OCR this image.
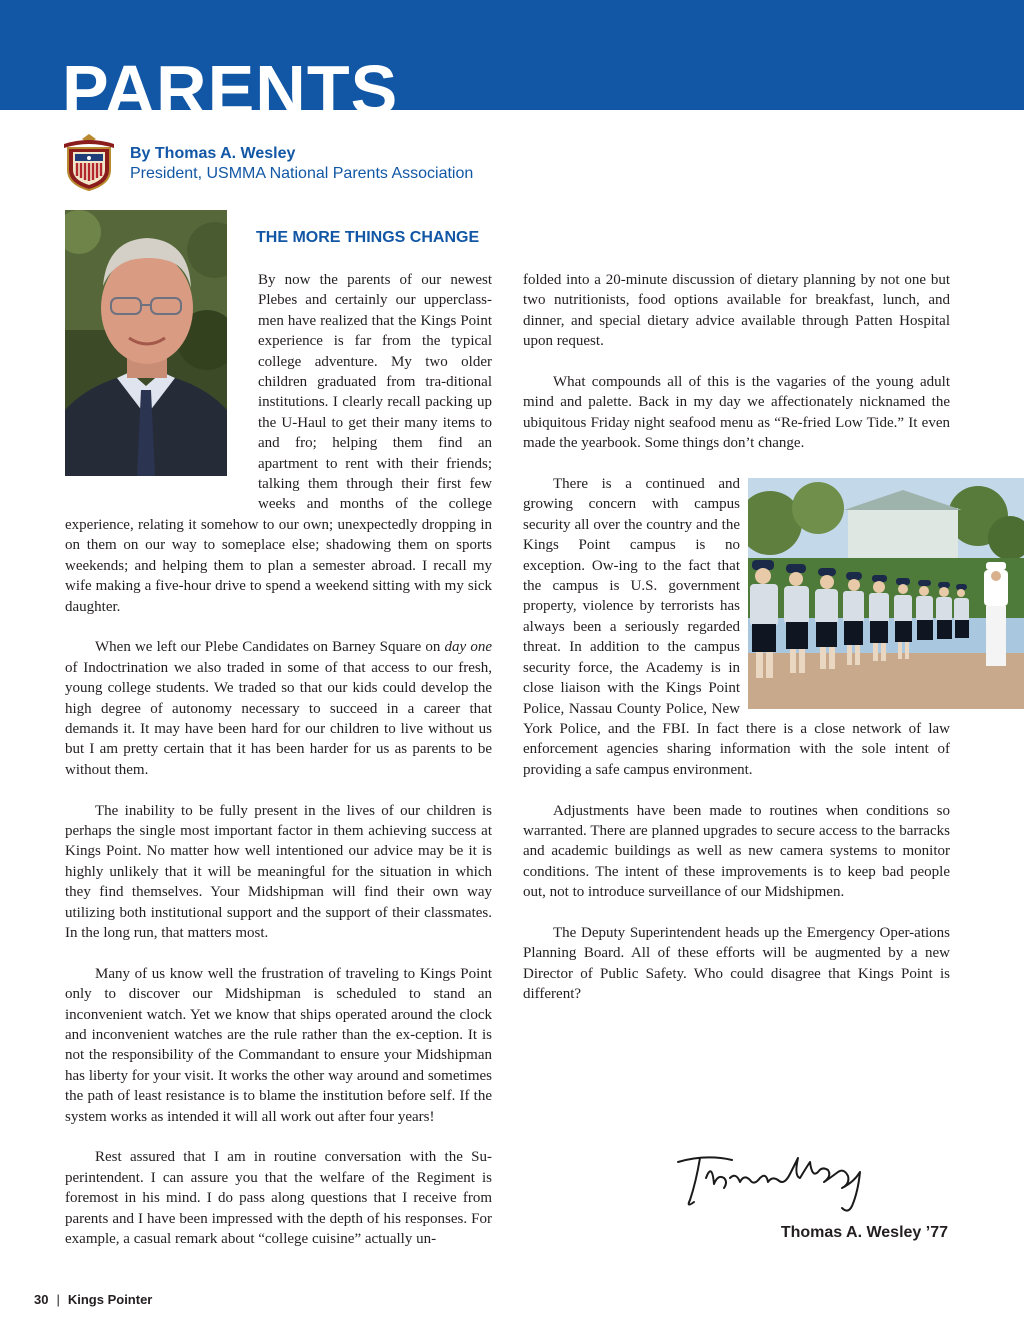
PARENTS
By Thomas A. Wesley
President, USMMA National Parents Association
THE MORE THINGS CHANGE

By now the parents of our newest Plebes and certainly our upperclass-men have realized that the Kings Point experience is far from the typical college adventure. My two older children graduated from tra-ditional institutions. I clearly recall packing up the U-Haul to get their many items to and fro; helping them find an apartment to rent with their friends; talking them through their first few weeks and months of the college experience, relating it somehow to our own; unexpectedly dropping in on them on our way to someplace else; shadowing them on sports weekends; and helping them to plan a semester abroad. I recall my wife making a five-hour drive to spend a weekend sitting with my sick daughter.

When we left our Plebe Candidates on Barney Square on day one of Indoctrination we also traded in some of that access to our fresh, young college students. We traded so that our kids could develop the high degree of autonomy necessary to succeed in a career that demands it. It may have been hard for our children to live without us but I am pretty certain that it has been harder for us as parents to be without them.

The inability to be fully present in the lives of our children is perhaps the single most important factor in them achieving success at Kings Point. No matter how well intentioned our advice may be it is highly unlikely that it will be meaningful for the situation in which they find themselves. Your Midshipman will find their own way utilizing both institutional support and the support of their classmates. In the long run, that matters most.

Many of us know well the frustration of traveling to Kings Point only to discover our Midshipman is scheduled to stand an inconvenient watch. Yet we know that ships operated around the clock and inconvenient watches are the rule rather than the ex-ception. It is not the responsibility of the Commandant to ensure your Midshipman has liberty for your visit. It works the other way around and sometimes the path of least resistance is to blame the institution before self. If the system works as intended it will all work out after four years!

Rest assured that I am in routine conversation with the Su-perintendent. I can assure you that the welfare of the Regiment is foremost in his mind. I do pass along questions that I receive from parents and I have been impressed with the depth of his responses. For example, a casual remark about “college cuisine” actually un-

folded into a 20-minute discussion of dietary planning by not one but two nutritionists, food options available for breakfast, lunch, and dinner, and special dietary advice available through Patten Hospital upon request.

What compounds all of this is the vagaries of the young adult mind and palette. Back in my day we affectionately nicknamed the ubiquitous Friday night seafood menu as “Re-fried Low Tide.” It even made the yearbook. Some things don’t change.

There is a continued and growing concern with campus security all over the country and the Kings Point campus is no exception. Ow-ing to the fact that the campus is U.S. government property, violence by terrorists has always been a seriously regarded threat. In addition to the campus security force, the Academy is in close liaison with the Kings Point Police, Nassau County Police, New York Police, and the FBI. In fact there is a close network of law enforcement agencies sharing information with the sole intent of providing a safe campus environment.

Adjustments have been made to routines when conditions so warranted. There are planned upgrades to secure access to the barracks and academic buildings as well as new camera systems to monitor conditions. The intent of these improvements is to keep bad people out, not to introduce surveillance of our Midshipmen.

The Deputy Superintendent heads up the Emergency Oper-ations Planning Board. All of these efforts will be augmented by a new Director of Public Safety. Who could disagree that Kings Point is different?

Thomas A. Wesley ’77
30 | Kings Pointer
